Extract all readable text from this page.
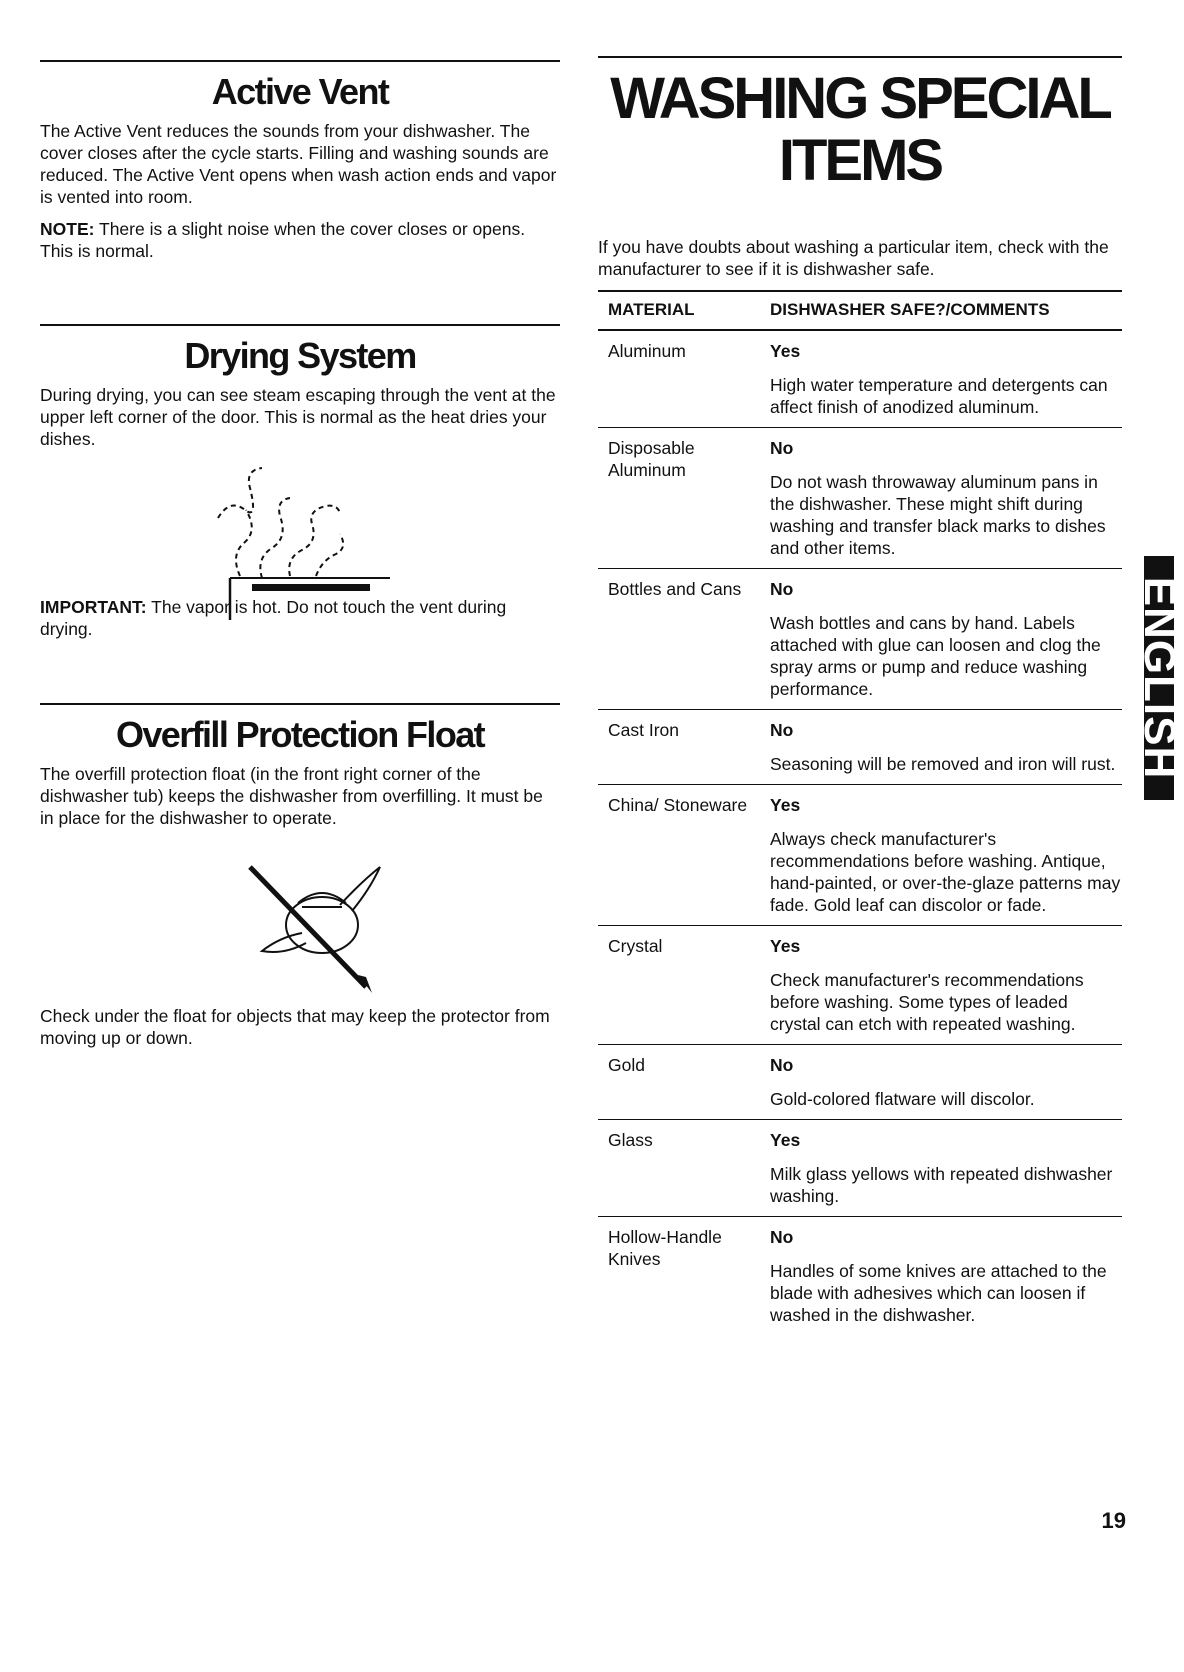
Active Vent

The Active Vent reduces the sounds from your dishwasher. The cover closes after the cycle starts. Filling and washing sounds are reduced. The Active Vent opens when wash action ends and vapor is vented into room.

NOTE: There is a slight noise when the cover closes or opens. This is normal.

Drying System

During drying, you can see steam escaping through the vent at the upper left corner of the door. This is normal as the heat dries your dishes.

IMPORTANT: The vapor is hot. Do not touch the vent during drying.

Overfill Protection Float

The overfill protection float (in the front right corner of the dishwasher tub) keeps the dishwasher from overfilling. It must be in place for the dishwasher to operate.

Check under the float for objects that may keep the protector from moving up or down.

WASHING SPECIAL
ITEMS

If you have doubts about washing a particular item, check with the manufacturer to see if it is dishwasher safe.

MATERIAL	DISHWASHER SAFE?/COMMENTS
Aluminum	Yes
High water temperature and detergents can affect finish of anodized aluminum.

Disposable Aluminum	No
Do not wash throwaway aluminum pans in the dishwasher. These might shift during washing and transfer black marks to dishes and other items.

Bottles and Cans	No
Wash bottles and cans by hand. Labels attached with glue can loosen and clog the spray arms or pump and reduce washing performance.

Cast Iron	No
Seasoning will be removed and iron will rust.

China/ Stoneware	Yes
Always check manufacturer's recommendations before washing. Antique, hand-painted, or over-the-glaze patterns may fade. Gold leaf can discolor or fade.

Crystal	Yes
Check manufacturer's recommendations before washing. Some types of leaded crystal can etch with repeated washing.

Gold	No
Gold-colored flatware will discolor.

Glass	Yes
Milk glass yellows with repeated dishwasher washing.

Hollow-Handle Knives	No
Handles of some knives are attached to the blade with adhesives which can loosen if washed in the dishwasher.
ENGLISH
19
